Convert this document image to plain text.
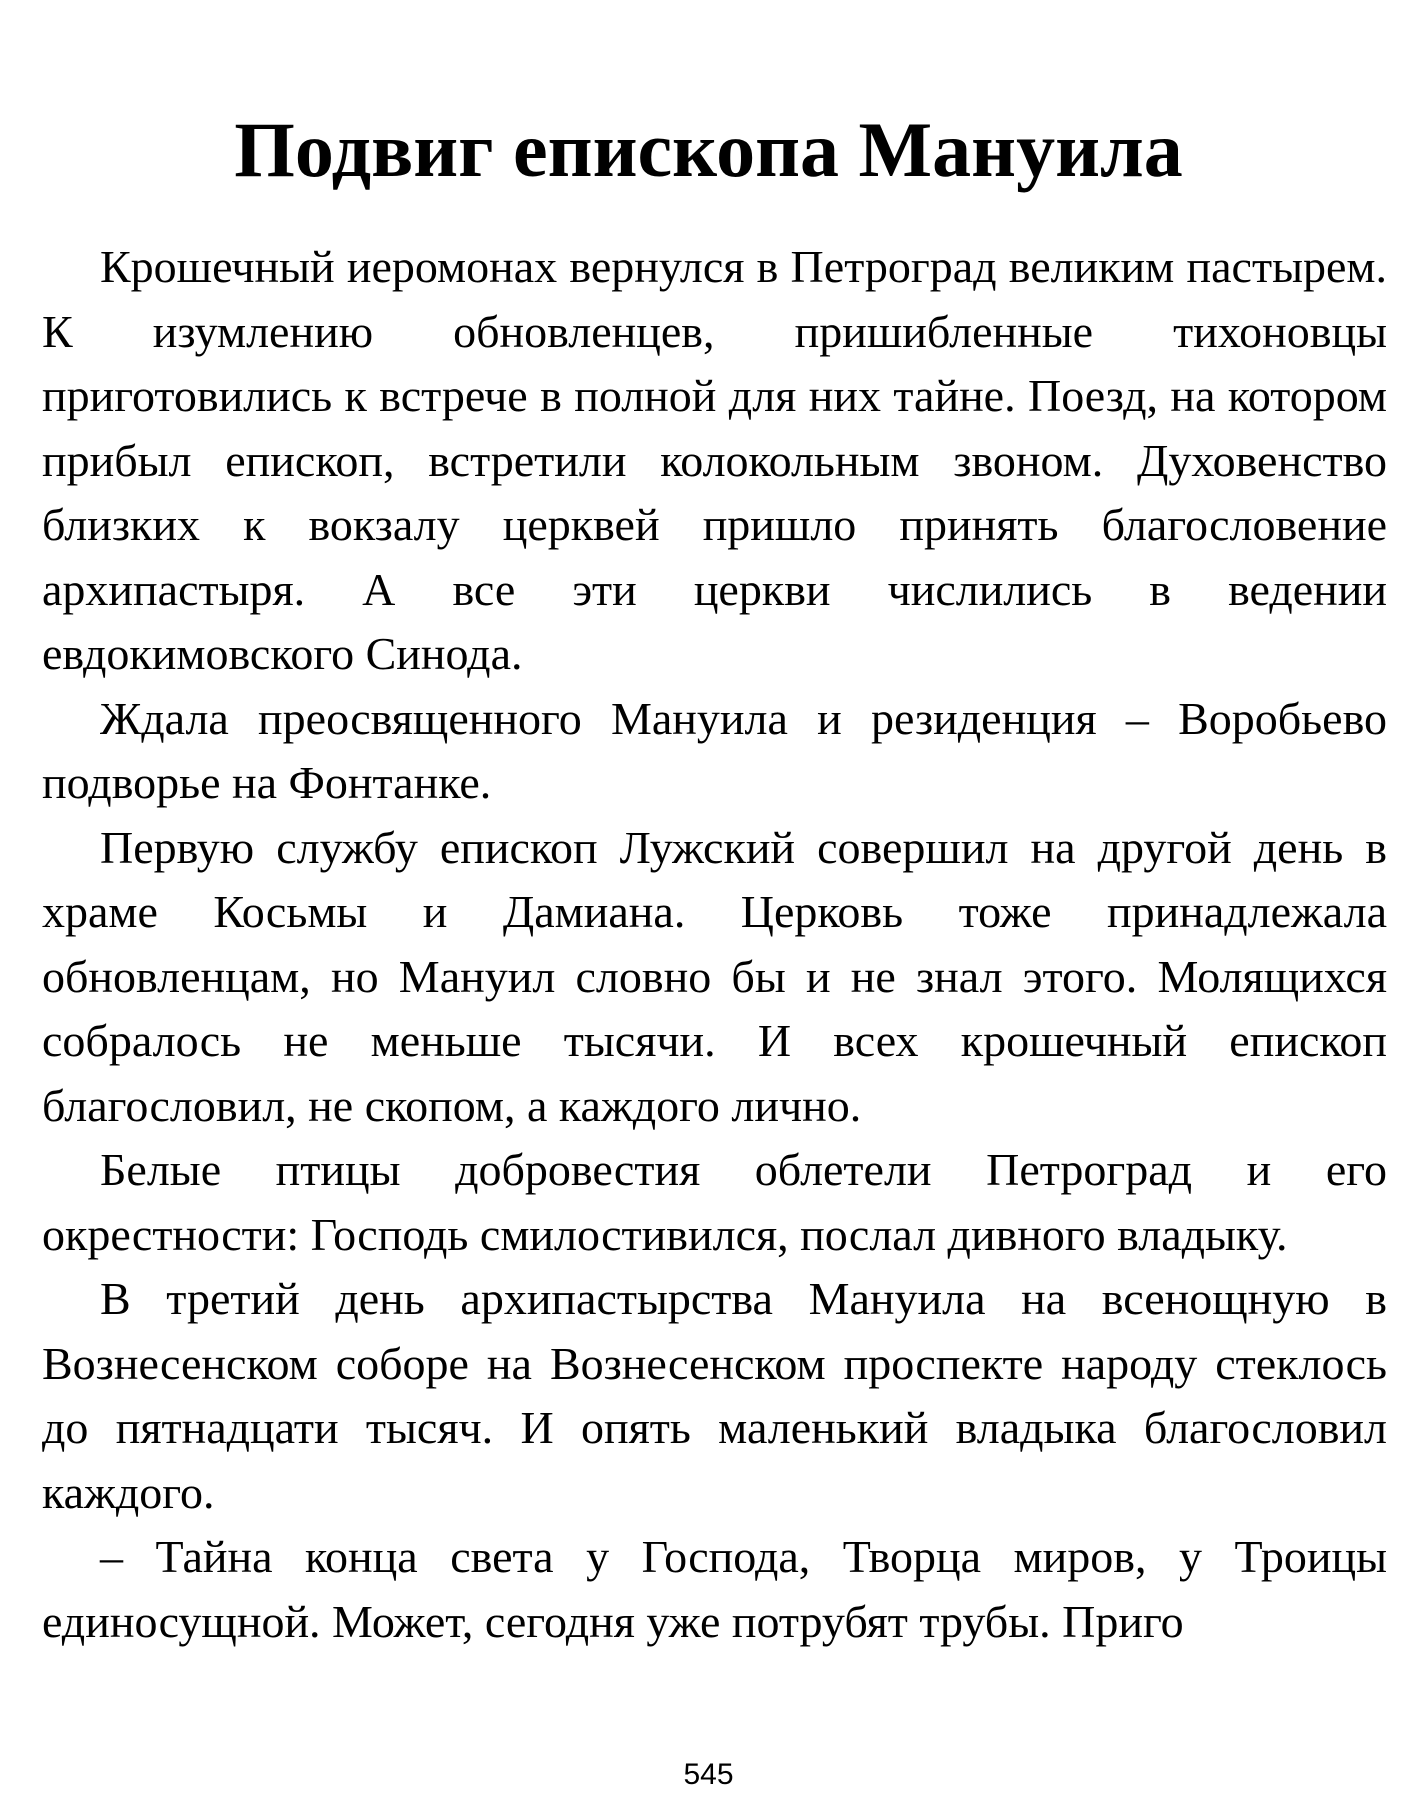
Подвиг епископа Мануила

Крошечный иеромонах вернулся в Петроград великим пастырем. К изумлению обновленцев, пришибленные тихоновцы приготовились к встрече в полной для них тайне. Поезд, на котором прибыл епископ, встретили колокольным звоном. Духовенство близких к вокзалу церквей пришло принять благословение архипастыря. А все эти церкви числились в ведении евдокимовского Синода.

Ждала преосвященного Мануила и резиденция – Воробьево подворье на Фонтанке.

Первую службу епископ Лужский совершил на другой день в храме Косьмы и Дамиана. Церковь тоже принадлежала обновленцам, но Мануил словно бы и не знал этого. Молящихся собралось не меньше тысячи. И всех крошечный епископ благословил, не скопом, а каждого лично.

Белые птицы добровестия облетели Петроград и его окрестности: Господь смилостивился, послал дивного владыку.

В третий день архипастырства Мануила на всенощную в Вознесенском соборе на Вознесенском проспекте народу стеклось до пятнадцати тысяч. И опять маленький владыка благословил каждого.

– Тайна конца света у Господа, Творца миров, у Троицы единосущной. Может, сегодня уже потрубят трубы. Приго

545
